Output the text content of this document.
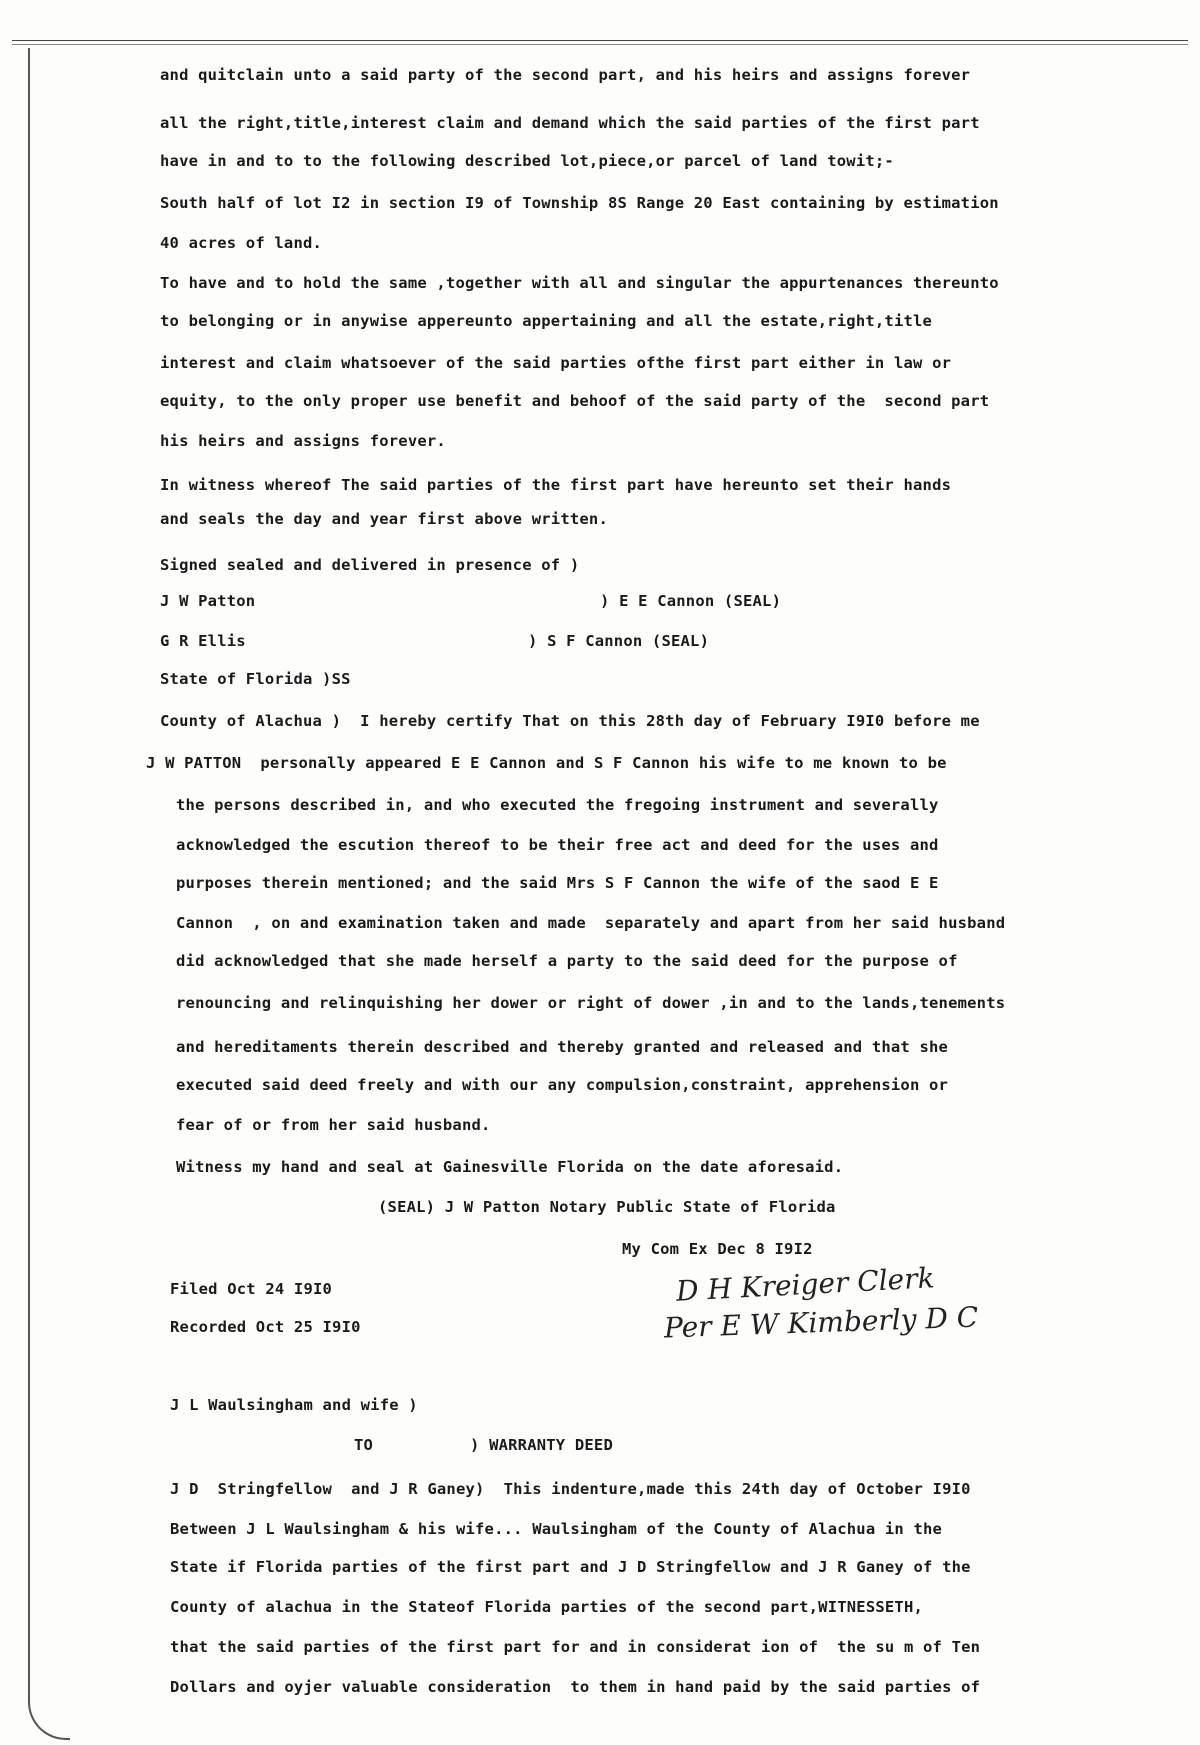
and quitclain unto a said party of the second part, and his heirs and assigns forever
all the right,title,interest claim and demand which the said parties of the first part
have in and to to the following described lot,piece,or parcel of land towit;-
South half of lot I2 in section I9 of Township 8S Range 20 East containing by estimation
40 acres of land.
To have and to hold the same ,together with all and singular the appurtenances thereunto
to belonging or in anywise appereunto appertaining and all the estate,right,title
interest and claim whatsoever of the said parties ofthe first part either in law or
equity, to the only proper use benefit and behoof of the said party of the  second part
his heirs and assigns forever.
In witness whereof The said parties of the first part have hereunto set their hands
and seals the day and year first above written.
Signed sealed and delivered in presence of )
J W Patton	) E E Cannon (SEAL)
G R Ellis	) S F Cannon (SEAL)
State of Florida )SS
County of Alachua )  I hereby certify That on this 28th day of February I9I0 before me
J W PATTON  personally appeared E E Cannon and S F Cannon his wife to me known to be
the persons described in, and who executed the fregoing instrument and severally
acknowledged the escution thereof to be their free act and deed for the uses and
purposes therein mentioned; and the said Mrs S F Cannon the wife of the saod E E
Cannon  , on and examination taken and made  separately and apart from her said husband
did acknowledged that she made herself a party to the said deed for the purpose of
renouncing and relinquishing her dower or right of dower ,in and to the lands,tenements
and hereditaments therein described and thereby granted and released and that she
executed said deed freely and with our any compulsion,constraint, apprehension or
fear of or from her said husband.
Witness my hand and seal at Gainesville Florida on the date aforesaid.
(SEAL) J W Patton Notary Public State of Florida
My Com Ex Dec 8 I9I2
Filed Oct 24 I9I0
Recorded Oct 25 I9I0
D H Kreiger Clerk
Per E W Kimberly D C
J L Waulsingham and wife )
TO	) WARRANTY DEED
J D  Stringfellow  and J R Ganey)  This indenture,made this 24th day of October I9I0
Between J L Waulsingham & his wife... Waulsingham of the County of Alachua in the
State if Florida parties of the first part and J D Stringfellow and J R Ganey of the
County of alachua in the Stateof Florida parties of the second part,WITNESSETH,
that the said parties of the first part for and in considerat ion of  the su m of Ten
Dollars and oyjer valuable consideration  to them in hand paid by the said parties of
